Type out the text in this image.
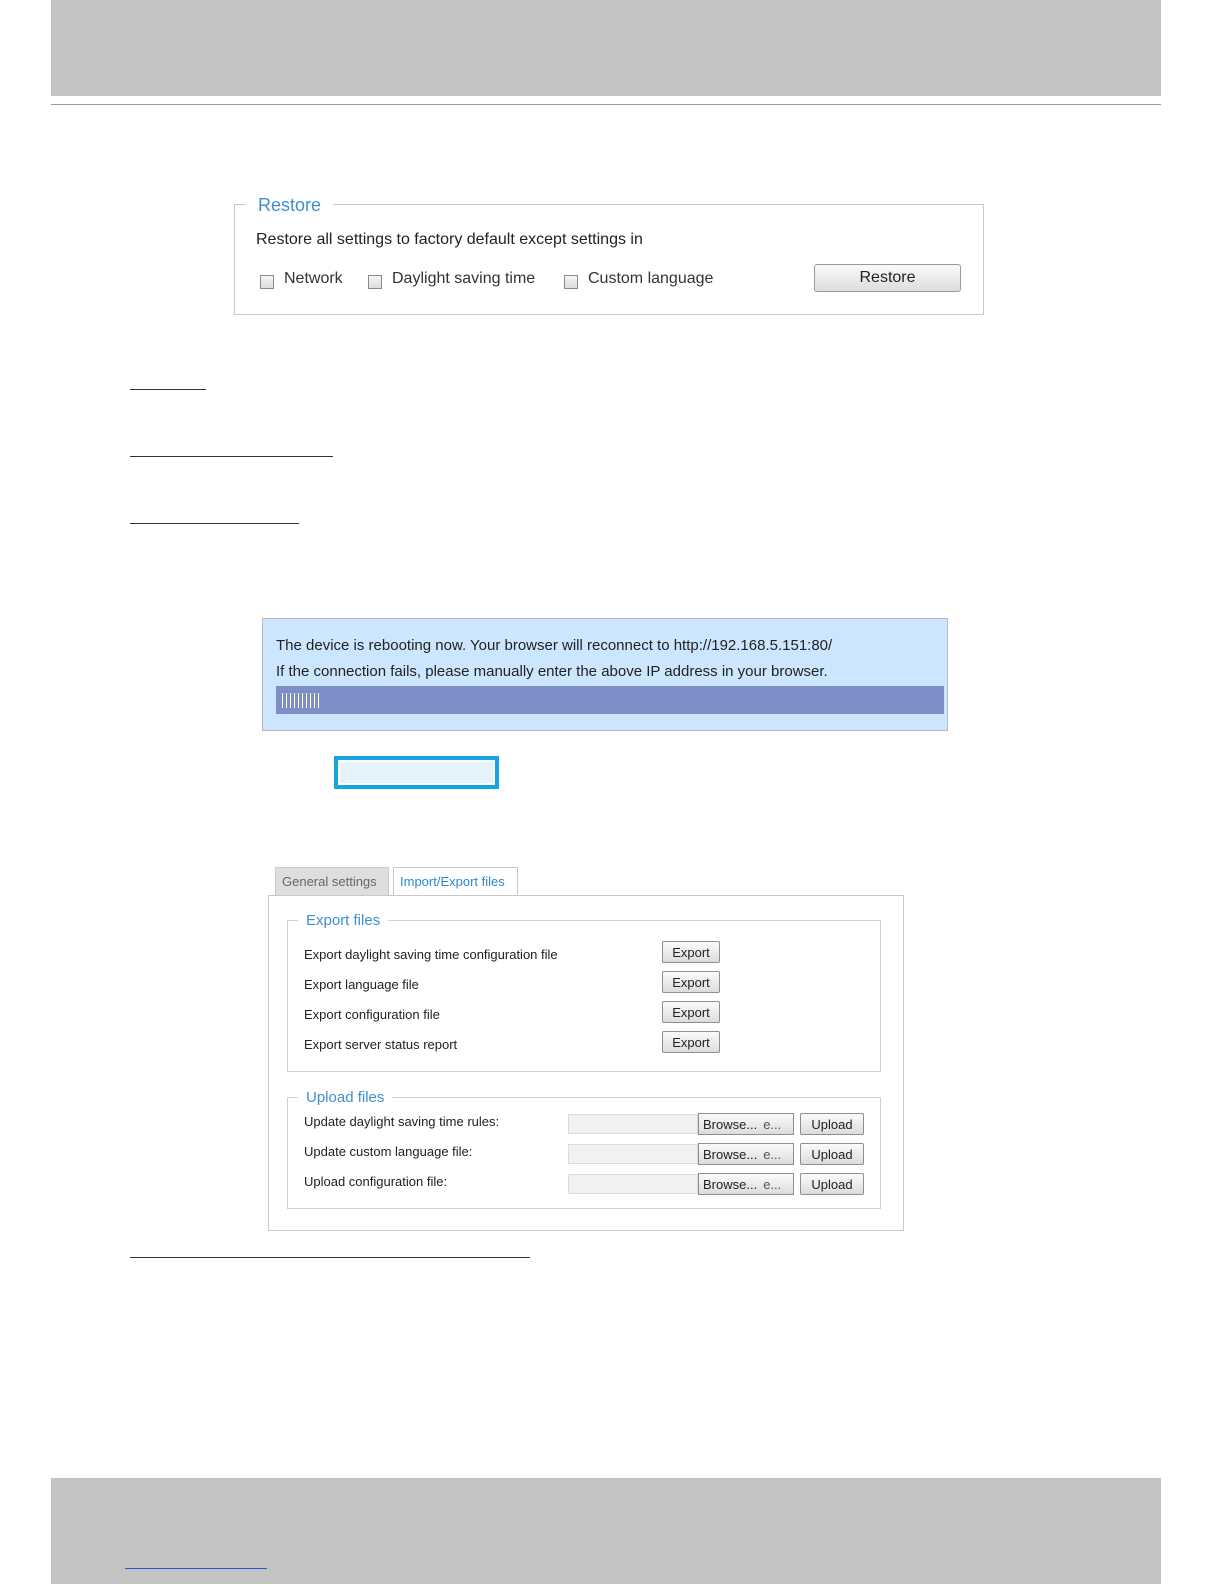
Restore
Restore all settings to factory default except settings in
Network	Daylight saving time	Custom language	Restore
The device is rebooting now. Your browser will reconnect to http://192.168.5.151:80/
If the connection fails, please manually enter the above IP address in your browser.
General settings	Import/Export files
Export files
Export daylight saving time configuration file	Export
Export language file	Export
Export configuration file	Export
Export server status report	Export
Upload files
Update daylight saving time rules:	Browse... e...	Upload
Update custom language file:	Browse... e...	Upload
Upload configuration file:	Browse... e...	Upload
